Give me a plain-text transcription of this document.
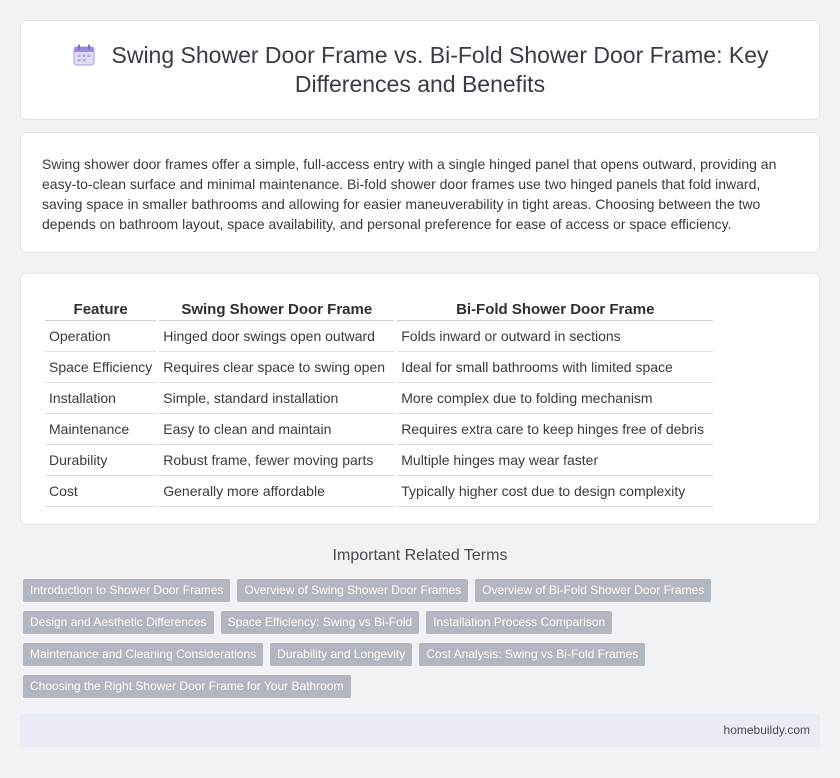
Swing Shower Door Frame vs. Bi-Fold Shower Door Frame: Key Differences and Benefits

Swing shower door frames offer a simple, full-access entry with a single hinged panel that opens outward, providing an easy-to-clean surface and minimal maintenance. Bi-fold shower door frames use two hinged panels that fold inward, saving space in smaller bathrooms and allowing for easier maneuverability in tight areas. Choosing between the two depends on bathroom layout, space availability, and personal preference for ease of access or space efficiency.

Feature	Swing Shower Door Frame	Bi-Fold Shower Door Frame
Operation	Hinged door swings open outward	Folds inward or outward in sections
Space Efficiency	Requires clear space to swing open	Ideal for small bathrooms with limited space
Installation	Simple, standard installation	More complex due to folding mechanism
Maintenance	Easy to clean and maintain	Requires extra care to keep hinges free of debris
Durability	Robust frame, fewer moving parts	Multiple hinges may wear faster
Cost	Generally more affordable	Typically higher cost due to design complexity
Important Related Terms
Introduction to Shower Door Frames	Overview of Swing Shower Door Frames	Overview of Bi-Fold Shower Door Frames
Design and Aesthetic Differences	Space Efficiency: Swing vs Bi-Fold	Installation Process Comparison
Maintenance and Cleaning Considerations	Durability and Longevity	Cost Analysis: Swing vs Bi-Fold Frames
Choosing the Right Shower Door Frame for Your Bathroom
homebuildy.com
